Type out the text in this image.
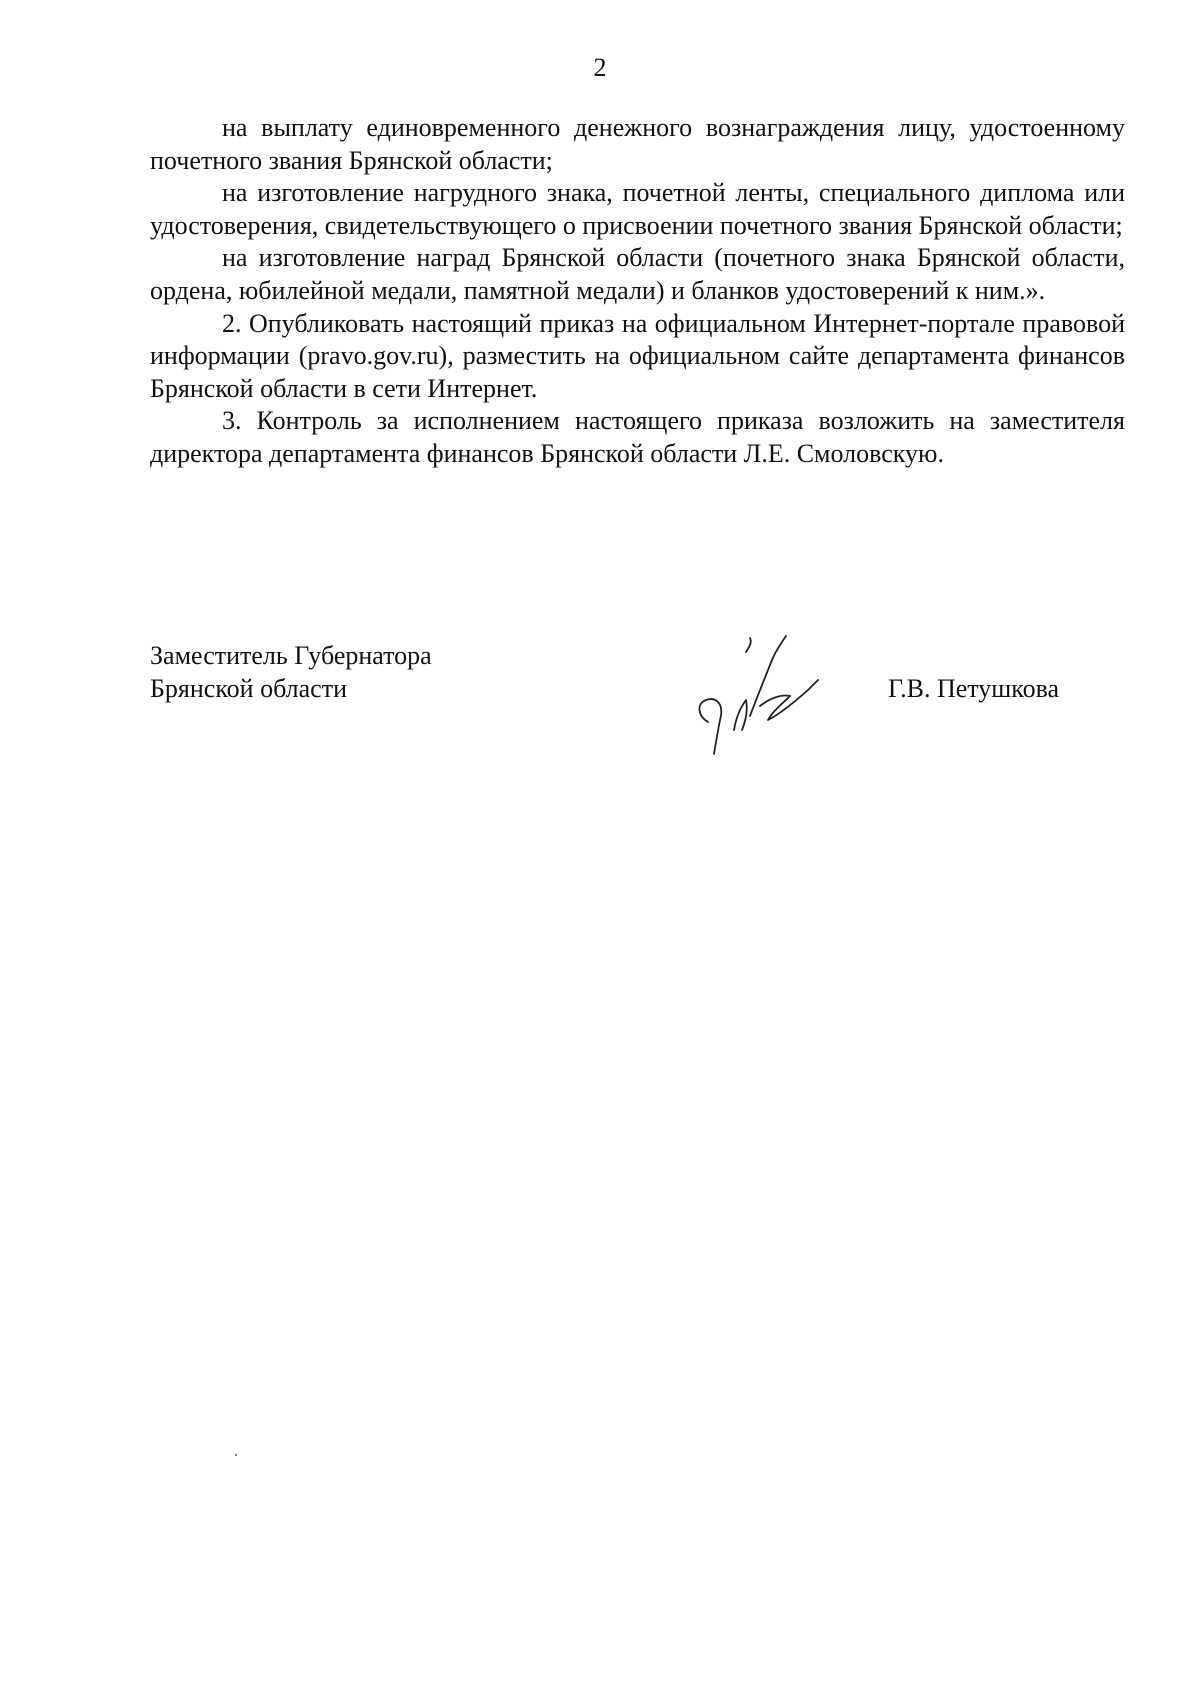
2

на выплату единовременного денежного вознаграждения лицу, удостоенному почетного звания Брянской области;

на изготовление нагрудного знака, почетной ленты, специального диплома или удостоверения, свидетельствующего о присвоении почетного звания Брянской области;

на изготовление наград Брянской области (почетного знака Брянской области, ордена, юбилейной медали, памятной медали) и бланков удостоверений к ним.».

2. Опубликовать настоящий приказ на официальном Интернет-портале правовой информации (pravo.gov.ru), разместить на официальном сайте департамента финансов Брянской области в сети Интернет.

3. Контроль за исполнением настоящего приказа возложить на заместителя директора департамента финансов Брянской области Л.Е. Смоловскую.

Заместитель Губернатора
Брянской области	Г.В. Петушкова
